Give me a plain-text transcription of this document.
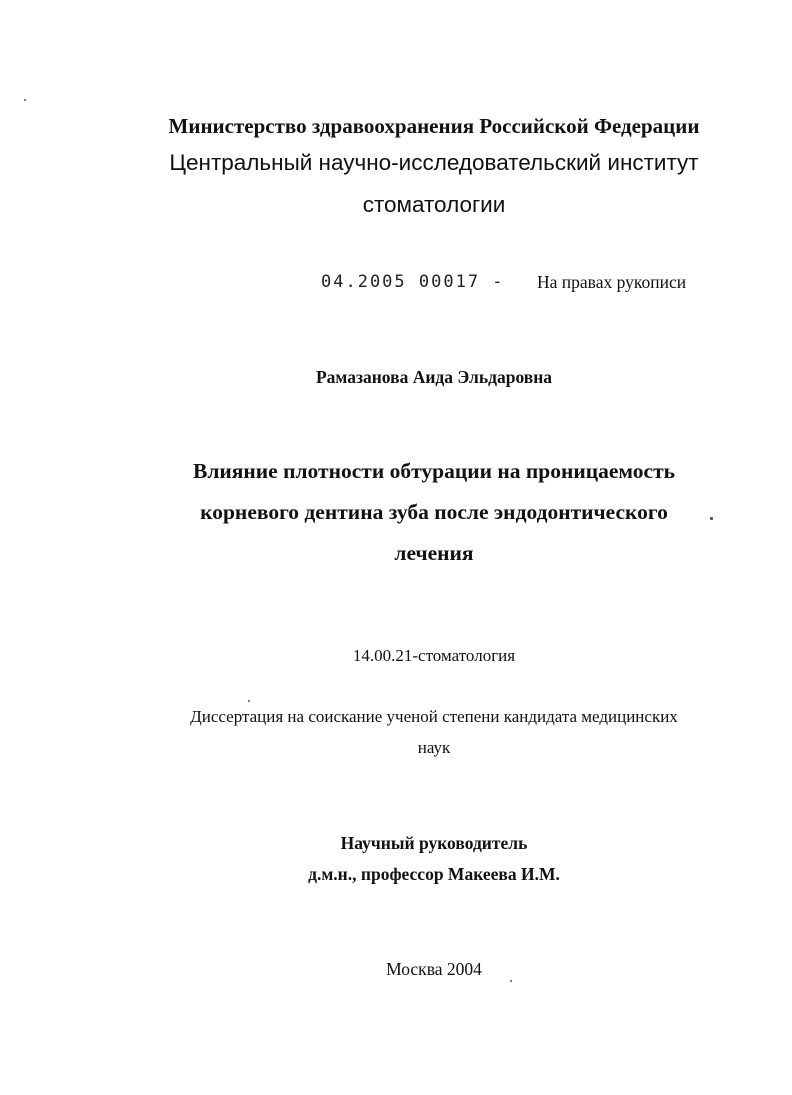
Министерство здравоохранения Российской Федерации
Центральный научно-исследовательский институт
стоматологии
04.2005 00017 - На правах рукописи
Рамазанова Аида Эльдаровна
Влияние плотности обтурации на проницаемость
корневого дентина зуба после эндодонтического
лечения
14.00.21-стоматология
Диссертация на соискание ученой степени кандидата медицинских
наук
Научный руководитель
д.м.н., профессор Макеева И.М.
Москва 2004
